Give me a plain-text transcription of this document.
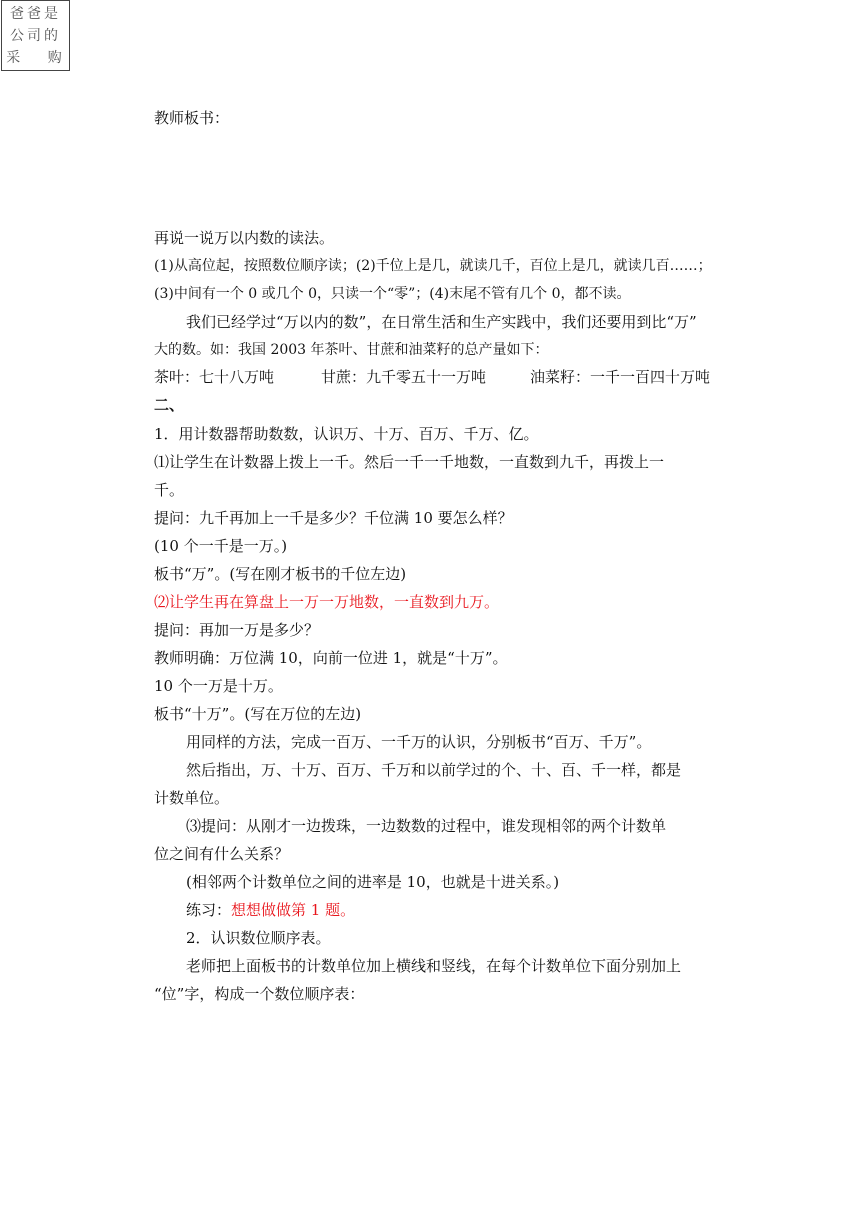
爸爸是
公司的
采　 购
教师板书：
再说一说万以内数的读法。
(1)从高位起，按照数位顺序读；(2)千位上是几，就读几千，百位上是几，就读几百……；
(3)中间有一个 0 或几个 0，只读一个“零”；(4)末尾不管有几个 0，都不读。
我们已经学过“万以内的数”，在日常生活和生产实践中，我们还要用到比“万”
大的数。如：我国 2003 年茶叶、甘蔗和油菜籽的总产量如下：
茶叶：七十八万吨	甘蔗：九千零五十一万吨	油菜籽：一千一百四十万吨
二、
1．用计数器帮助数数，认识万、十万、百万、千万、亿。
⑴让学生在计数器上拨上一千。然后一千一千地数，一直数到九千，再拨上一
千。
提问：九千再加上一千是多少？千位满 10 要怎么样？
(10 个一千是一万。)
板书“万”。(写在刚才板书的千位左边)
⑵让学生再在算盘上一万一万地数，一直数到九万。
提问：再加一万是多少？
教师明确：万位满 10，向前一位进 1，就是“十万”。
10 个一万是十万。
板书“十万”。(写在万位的左边)
用同样的方法，完成一百万、一千万的认识，分别板书“百万、千万”。
然后指出，万、十万、百万、千万和以前学过的个、十、百、千一样，都是
计数单位。
⑶提问：从刚才一边拨珠，一边数数的过程中，谁发现相邻的两个计数单
位之间有什么关系？
(相邻两个计数单位之间的进率是 10，也就是十进关系。)
练习：想想做做第 1 题。
2．认识数位顺序表。
老师把上面板书的计数单位加上横线和竖线，在每个计数单位下面分别加上
“位”字，构成一个数位顺序表：
